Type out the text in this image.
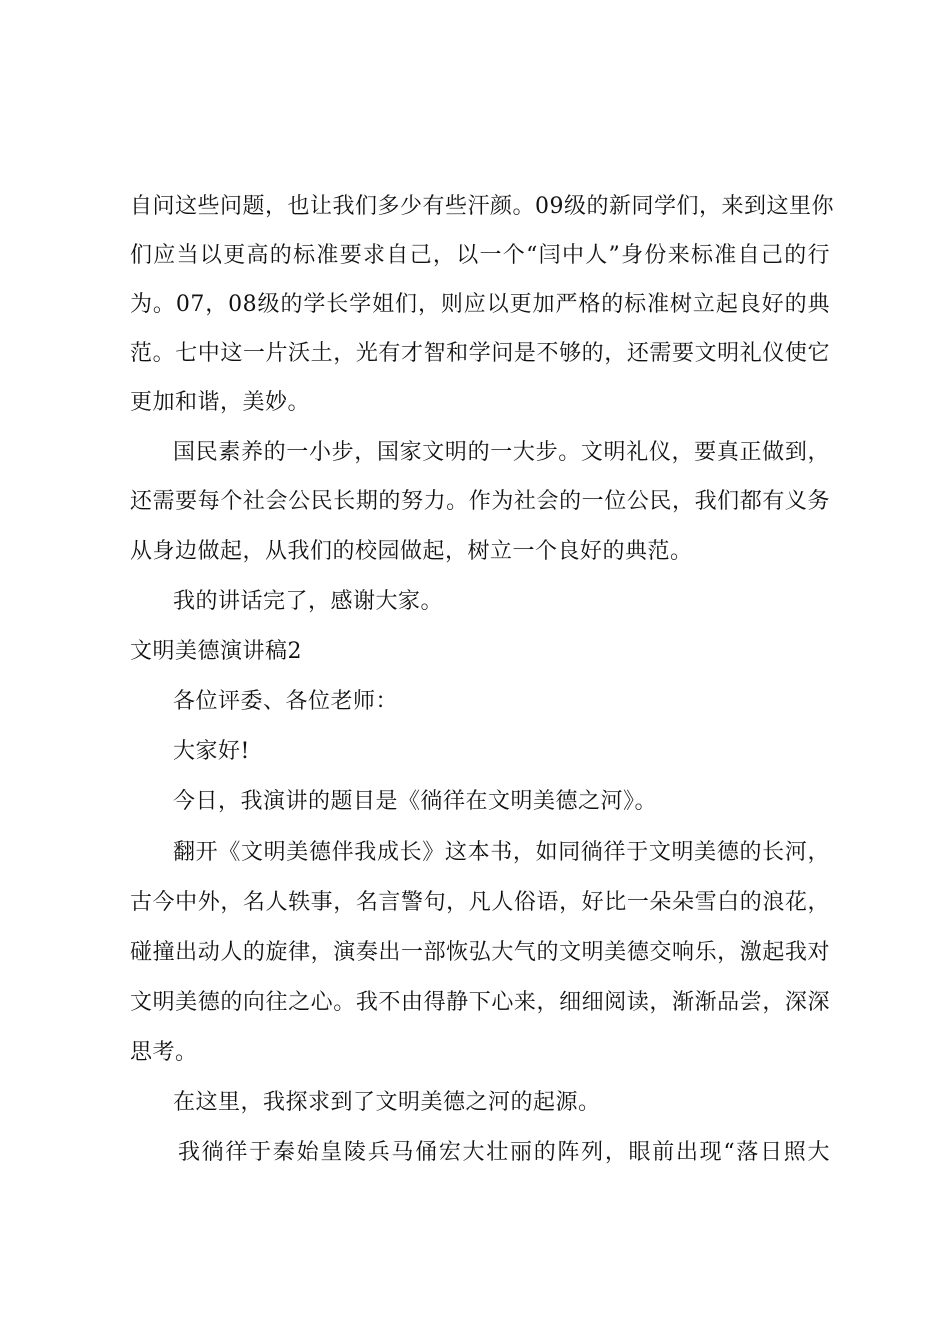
自问这些问题，也让我们多少有些汗颜。09级的新同学们，来到这里你
们应当以更高的标准要求自己，以一个“闫中人”身份来标准自己的行
为。07，08级的学长学姐们，则应以更加严格的标准树立起良好的典
范。七中这一片沃土，光有才智和学问是不够的，还需要文明礼仪使它
更加和谐，美妙。
国民素养的一小步，国家文明的一大步。文明礼仪，要真正做到，
还需要每个社会公民长期的努力。作为社会的一位公民，我们都有义务
从身边做起，从我们的校园做起，树立一个良好的典范。
我的讲话完了，感谢大家。
文明美德演讲稿2
各位评委、各位老师：
大家好!
今日，我演讲的题目是《徜徉在文明美德之河》。
翻开《文明美德伴我成长》这本书，如同徜徉于文明美德的长河，
古今中外，名人轶事，名言警句，凡人俗语，好比一朵朵雪白的浪花，
碰撞出动人的旋律，演奏出一部恢弘大气的文明美德交响乐，激起我对
文明美德的向往之心。我不由得静下心来，细细阅读，渐渐品尝，深深
思考。
在这里，我探求到了文明美德之河的起源。
我徜徉于秦始皇陵兵马俑宏大壮丽的阵列，眼前出现“落日照大
